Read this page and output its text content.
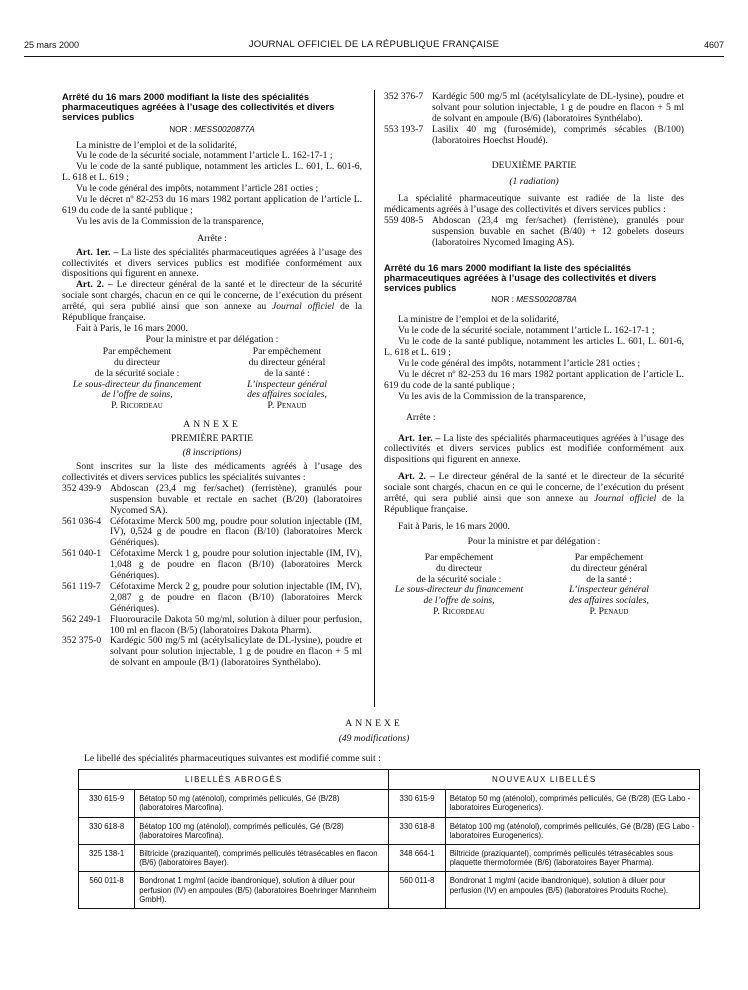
25 mars 2000	JOURNAL OFFICIEL DE LA RÉPUBLIQUE FRANÇAISE	4607
Arrêté du 16 mars 2000 modifiant la liste des spécialités pharmaceutiques agréées à l’usage des collectivités et divers services publics
NOR : MESS0020877A

La ministre de l’emploi et de la solidarité,

Vu le code de la sécurité sociale, notamment l’article L. 162-17-1 ;

Vu le code de la santé publique, notamment les articles L. 601, L. 601-6, L. 618 et L. 619 ;

Vu le code général des impôts, notamment l’article 281 octies ;

Vu le décret nº 82-253 du 16 mars 1982 portant application de l’article L. 619 du code de la santé publique ;

Vu les avis de la Commission de la transparence,

Arrête :

Art. 1er. – La liste des spécialités pharmaceutiques agréées à l’usage des collectivités et divers services publics est modifiée conformément aux dispositions qui figurent en annexe.

Art. 2. – Le directeur général de la santé et le directeur de la sécurité sociale sont chargés, chacun en ce qui le concerne, de l’exécution du présent arrêté, qui sera publié ainsi que son annexe au Journal officiel de la République française.

Fait à Paris, le 16 mars 2000.

Pour la ministre et par délégation :

Par empêchement
du directeur
de la sécurité sociale :
Le sous-directeur du financement
de l’offre de soins,
P. Ricordeau
Par empêchement
du directeur général
de la santé :
L’inspecteur général
des affaires sociales,
P. Penaud

ANNEXE

PREMIÈRE PARTIE

(8 inscriptions)

Sont inscrites sur la liste des médicaments agréés à l’usage des collectivités et divers services publics les spécialités suivantes :

352 439-9 Abdoscan (23,4 mg fer/sachet) (ferristène), granulés pour suspension buvable et rectale en sachet (B/20) (laboratoires Nycomed SA).
561 036-4 Céfotaxime Merck 500 mg, poudre pour solution injectable (IM, IV), 0,524 g de poudre en flacon (B/10) (laboratoires Merck Génériques).
561 040-1 Céfotaxime Merck 1 g, poudre pour solution injectable (IM, IV), 1,048 g de poudre en flacon (B/10) (laboratoires Merck Génériques).
561 119-7 Céfotaxime Merck 2 g, poudre pour solution injectable (IM, IV), 2,087 g de poudre en flacon (B/10) (laboratoires Merck Génériques).
562 249-1 Fluorouracile Dakota 50 mg/ml, solution à diluer pour perfusion, 100 ml en flacon (B/5) (laboratoires Dakota Pharm).
352 375-0 Kardégic 500 mg/5 ml (acétylsalicylate de DL-lysine), poudre et solvant pour solution injectable, 1 g de poudre en flacon + 5 ml de solvant en ampoule (B/1) (laboratoires Synthélabo).
352 376-7 Kardégic 500 mg/5 ml (acétylsalicylate de DL-lysine), poudre et solvant pour solution injectable, 1 g de poudre en flacon + 5 ml de solvant en ampoule (B/6) (laboratoires Synthélabo).
553 193-7 Lasilix 40 mg (furosémide), comprimés sécables (B/100) (laboratoires Hoechst Houdé).

DEUXIÈME PARTIE

(1 radiation)

La spécialité pharmaceutique suivante est radiée de la liste des médicaments agréés à l’usage des collectivités et divers services publics :

559 408-5 Abdoscan (23,4 mg fer/sachet) (ferristène), granulés pour suspension buvable en sachet (B/40) + 12 gobelets doseurs (laboratoires Nycomed Imaging AS).
Arrêté du 16 mars 2000 modifiant la liste des spécialités pharmaceutiques agréées à l’usage des collectivités et divers services publics
NOR : MESS0020878A

La ministre de l’emploi et de la solidarité,

Vu le code de la sécurité sociale, notamment l’article L. 162-17-1 ;

Vu le code de la santé publique, notamment les articles L. 601, L. 601-6, L. 618 et L. 619 ;

Vu le code général des impôts, notamment l’article 281 octies ;

Vu le décret nº 82-253 du 16 mars 1982 portant application de l’article L. 619 du code de la santé publique ;

Vu les avis de la Commission de la transparence,

Arrête :

Art. 1er. – La liste des spécialités pharmaceutiques agréées à l’usage des collectivités et divers services publics est modifiée conformément aux dispositions qui figurent en annexe.

Art. 2. – Le directeur général de la santé et le directeur de la sécurité sociale sont chargés, chacun en ce qui le concerne, de l’exécution du présent arrêté, qui sera publié ainsi que son annexe au Journal officiel de la République française.

Fait à Paris, le 16 mars 2000.

Pour la ministre et par délégation :

Par empêchement
du directeur
de la sécurité sociale :
Le sous-directeur du financement
de l’offre de soins,
P. Ricordeau
Par empêchement
du directeur général
de la santé :
L’inspecteur général
des affaires sociales,
P. Penaud
ANNEXE
(49 modifications)
Le libellé des spécialités pharmaceutiques suivantes est modifié comme suit :
LIBELLÉS ABROGÉS		NOUVEAUX LIBELLÉS	
330 615-9	Bétatop 50 mg (aténolol), comprimés pelliculés, Gé (B/28) (laboratoires Marcofina).	330 615-9	Bétatop 50 mg (aténolol), comprimés pelliculés, Gé (B/28) (EG Labo - laboratoires Eurogenerics).
330 618-8	Bétatop 100 mg (aténolol), comprimés pelliculés, Gé (B/28) (laboratoires Marcofina).	330 618-8	Bétatop 100 mg (aténolol), comprimés pelliculés, Gé (B/28) (EG Labo - laboratoires Eurogenerics).
325 138-1	Biltricide (praziquantel), comprimés pelliculés tétrasécables en flacon (B/6) (laboratoires Bayer).	348 664-1	Biltricide (praziquantel), comprimés pelliculés tétrasécables sous plaquette thermoformée (B/6) (laboratoires Bayer Pharma).
560 011-8	Bondronat 1 mg/ml (acide ibandronique), solution à diluer pour perfusion (IV) en ampoules (B/5) (laboratoires Boehringer Mannheim GmbH).	560 011-8	Bondronat 1 mg/ml (acide ibandronique), solution à diluer pour perfusion (IV) en ampoules (B/5) (laboratoires Produits Roche).
